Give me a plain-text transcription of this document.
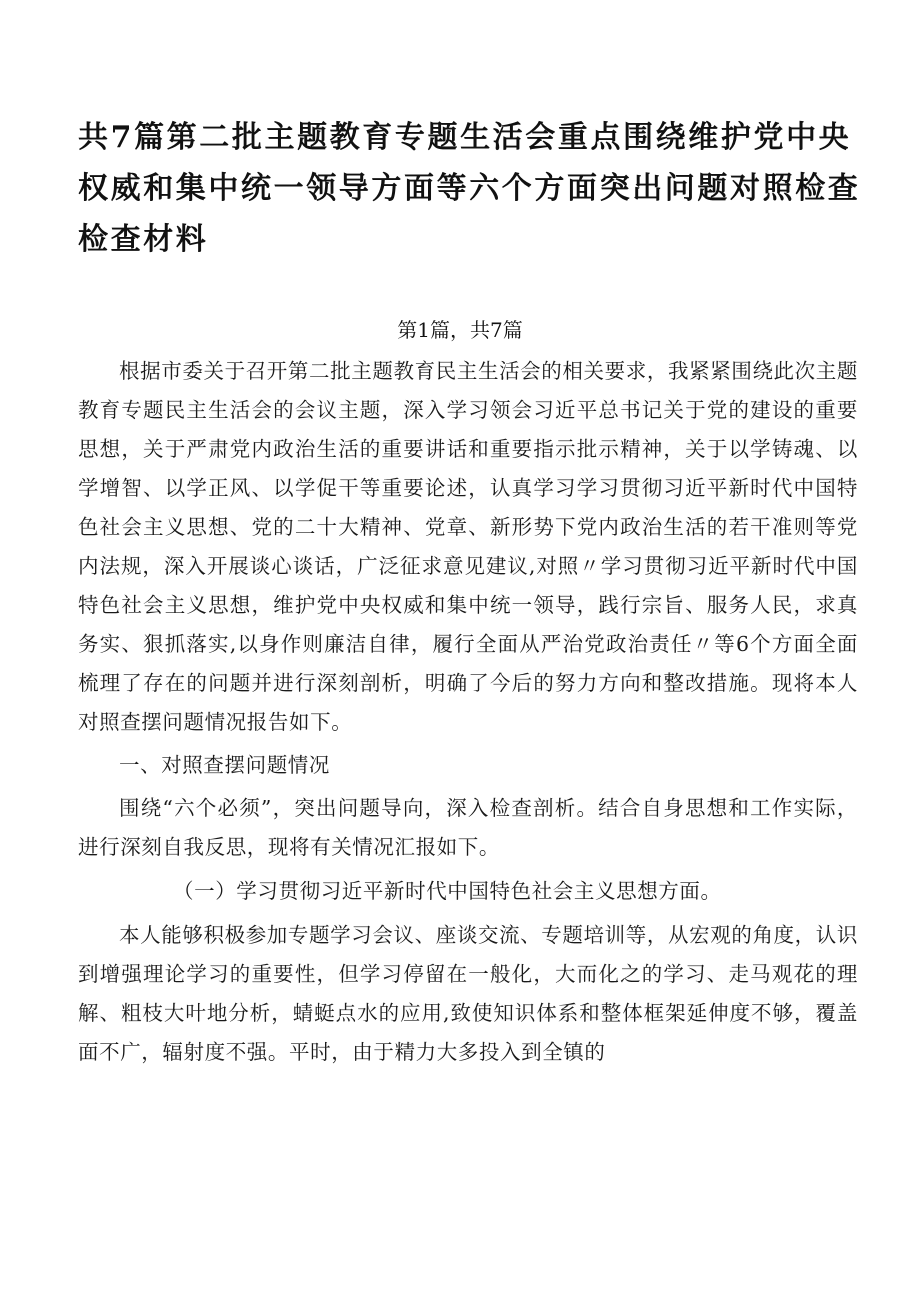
共7篇第二批主题教育专题生活会重点围绕维护党中央权威和集中统一领导方面等六个方面突出问题对照检查检查材料
第1篇，共7篇

根据市委关于召开第二批主题教育民主生活会的相关要求，我紧紧围绕此次主题教育专题民主生活会的会议主题，深入学习领会习近平总书记关于党的建设的重要思想，关于严肃党内政治生活的重要讲话和重要指示批示精神，关于以学铸魂、以学增智、以学正风、以学促干等重要论述，认真学习学习贯彻习近平新时代中国特色社会主义思想、党的二十大精神、党章、新形势下党内政治生活的若干准则等党内法规，深入开展谈心谈话，广泛征求意见建议,对照〃学习贯彻习近平新时代中国特色社会主义思想，维护党中央权威和集中统一领导，践行宗旨、服务人民，求真务实、狠抓落实,以身作则廉洁自律，履行全面从严治党政治责任〃等6个方面全面梳理了存在的问题并进行深刻剖析，明确了今后的努力方向和整改措施。现将本人对照查摆问题情况报告如下。

一、对照查摆问题情况

围绕“六个必须”，突出问题导向，深入检查剖析。结合自身思想和工作实际，进行深刻自我反思，现将有关情况汇报如下。

（一）学习贯彻习近平新时代中国特色社会主义思想方面。

本人能够积极参加专题学习会议、座谈交流、专题培训等，从宏观的角度，认识到增强理论学习的重要性，但学习停留在一般化，大而化之的学习、走马观花的理解、粗枝大叶地分析，蜻蜓点水的应用,致使知识体系和整体框架延伸度不够，覆盖面不广，辐射度不强。平时，由于精力大多投入到全镇的
